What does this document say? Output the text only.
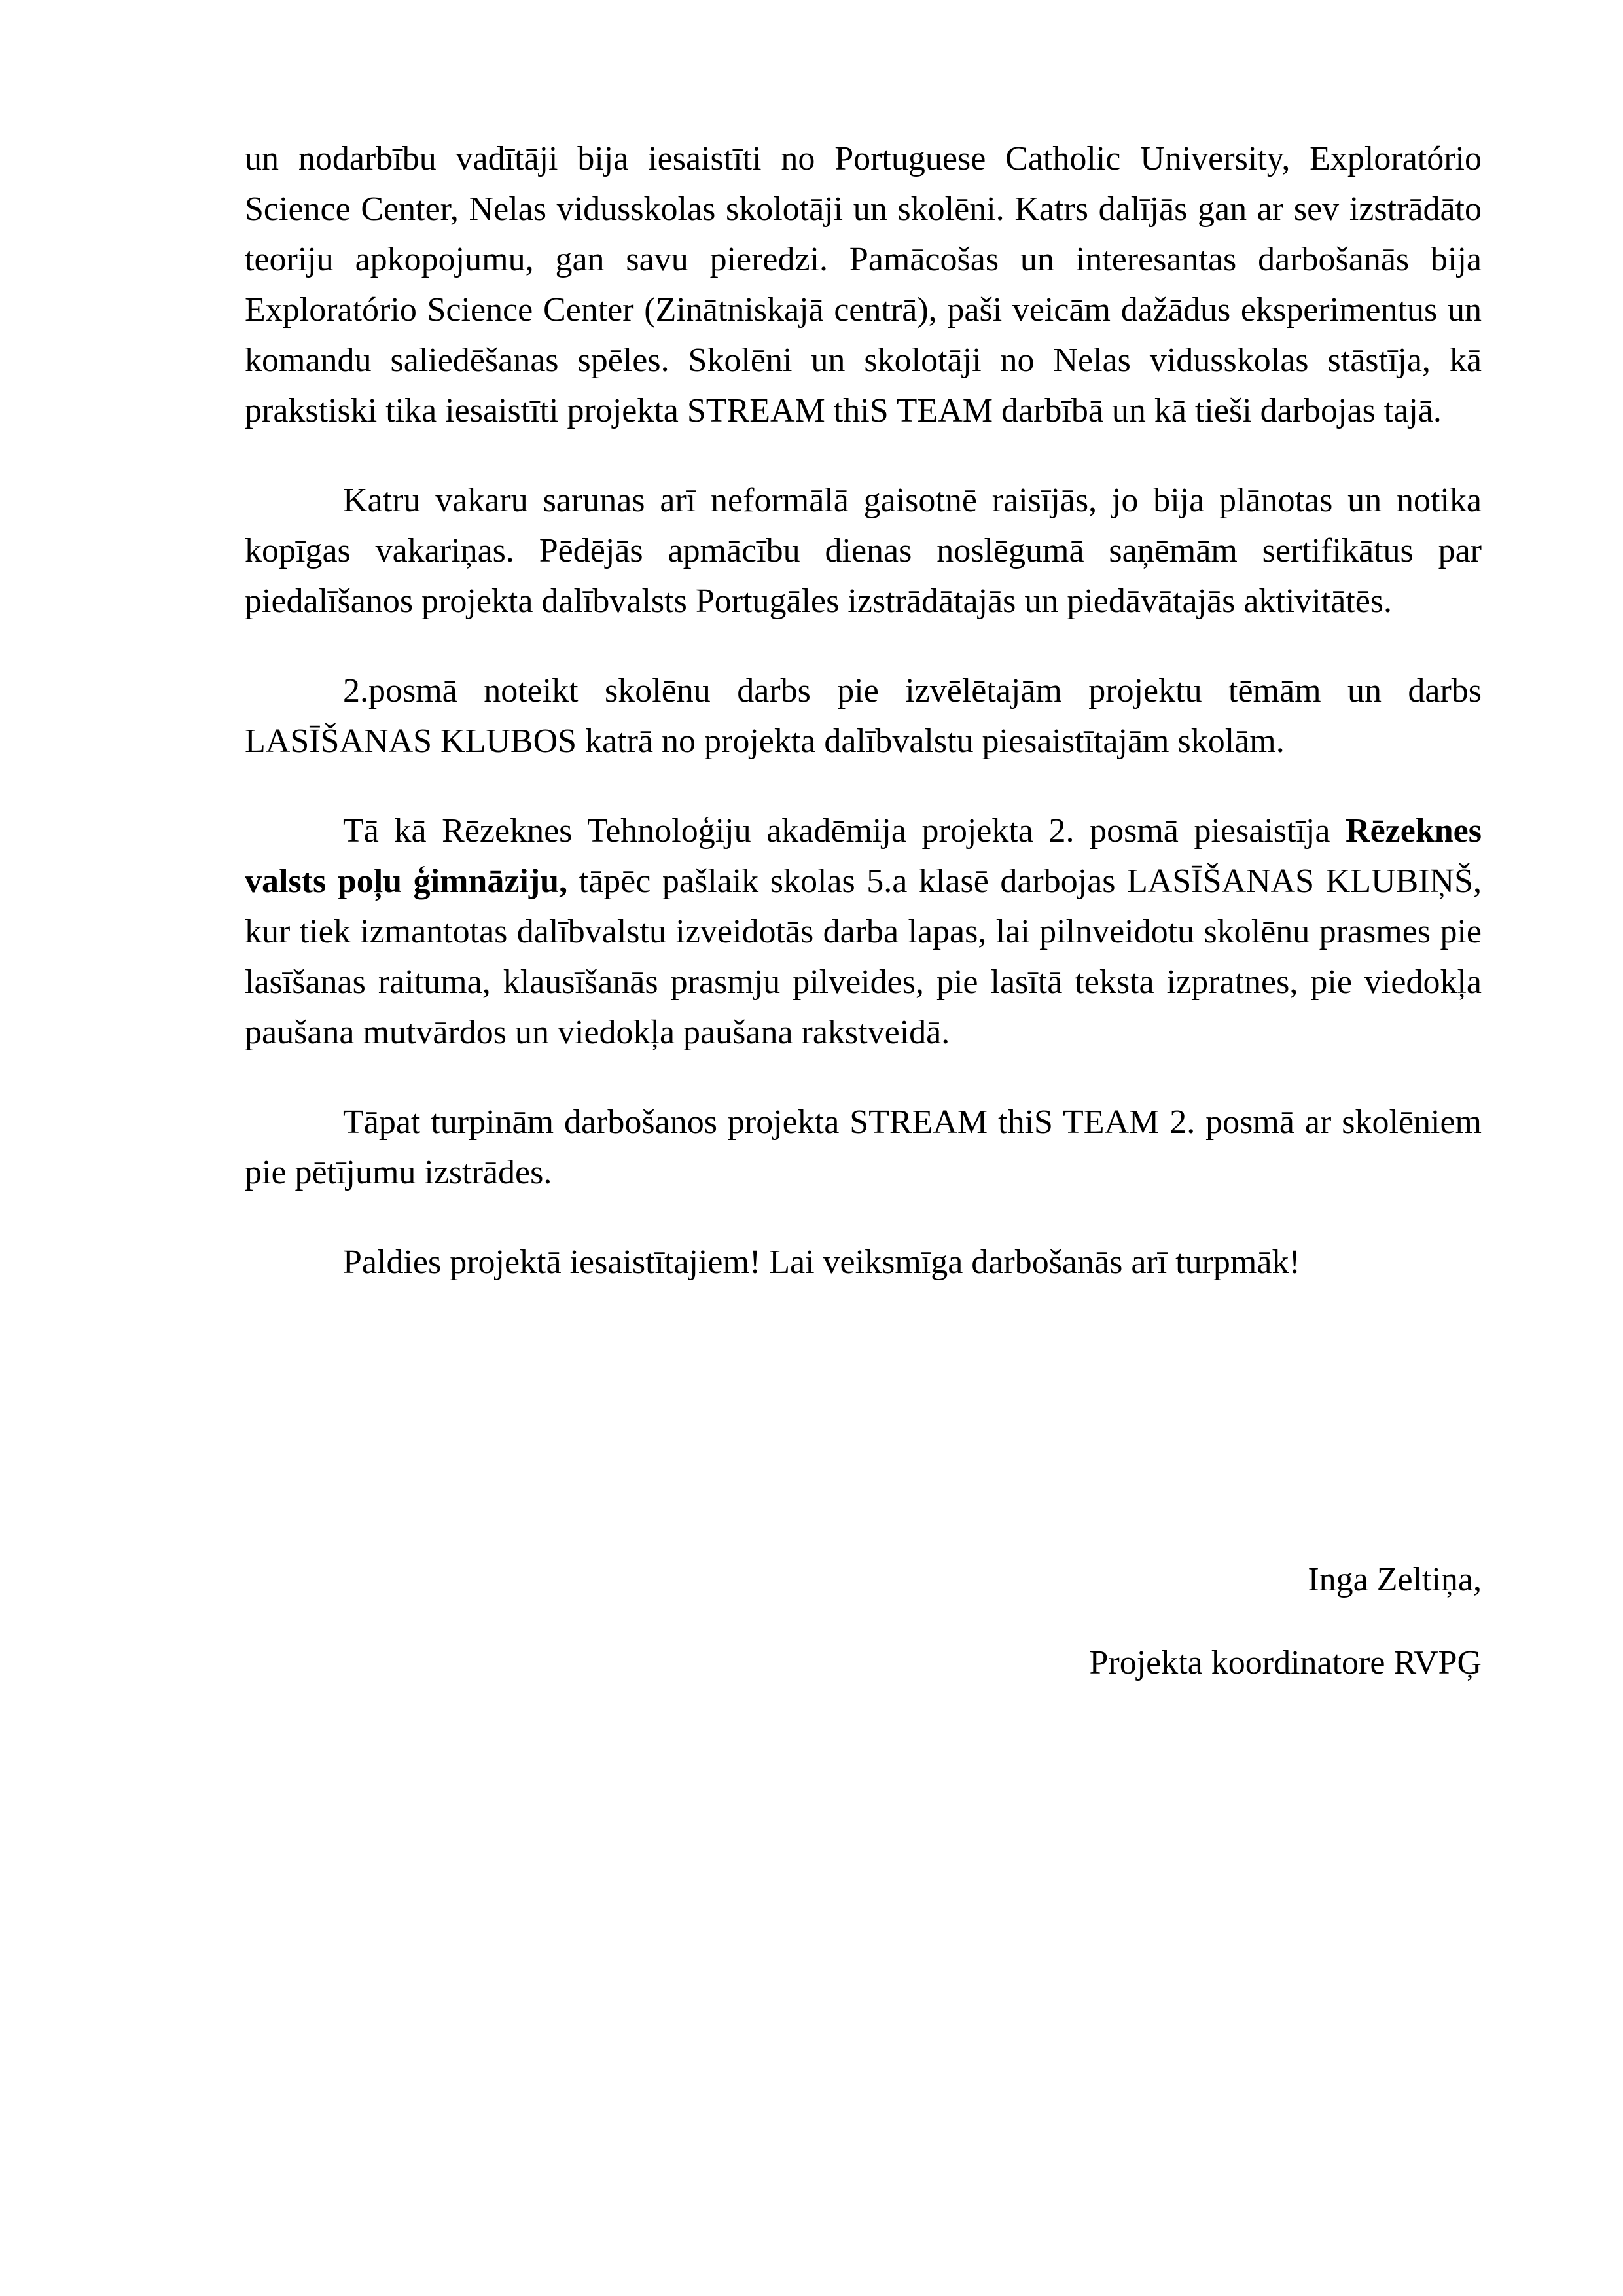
un nodarbību vadītāji bija iesaistīti no Portuguese Catholic University, Exploratório Science Center, Nelas vidusskolas skolotāji un skolēni. Katrs dalījās gan ar sev izstrādāto teoriju apkopojumu, gan savu pieredzi. Pamācošas un interesantas darbošanās bija Exploratório Science Center (Zinātniskajā centrā), paši veicām dažādus eksperimentus un komandu saliedēšanas spēles. Skolēni un skolotāji no Nelas vidusskolas stāstīja, kā prakstiski tika iesaistīti projekta STREAM thiS TEAM darbībā un kā tieši darbojas tajā.

Katru vakaru sarunas arī neformālā gaisotnē raisījās, jo bija plānotas un notika kopīgas vakariņas. Pēdējās apmācību dienas noslēgumā saņēmām sertifikātus par piedalīšanos projekta dalībvalsts Portugāles izstrādātajās un piedāvātajās aktivitātēs.

2.posmā noteikt skolēnu darbs pie izvēlētajām projektu tēmām un darbs LASĪŠANAS KLUBOS katrā no projekta dalībvalstu piesaistītajām skolām.

Tā kā Rēzeknes Tehnoloģiju akadēmija projekta 2. posmā piesaistīja Rēzeknes valsts poļu ģimnāziju, tāpēc pašlaik skolas 5.a klasē darbojas LASĪŠANAS KLUBIŅŠ, kur tiek izmantotas dalībvalstu izveidotās darba lapas, lai pilnveidotu skolēnu prasmes pie lasīšanas raituma, klausīšanās prasmju pilveides, pie lasītā teksta izpratnes, pie viedokļa paušana mutvārdos un viedokļa paušana rakstveidā.

Tāpat turpinām darbošanos projekta STREAM thiS TEAM 2. posmā ar skolēniem pie pētījumu izstrādes.

Paldies projektā iesaistītajiem! Lai veiksmīga darbošanās arī turpmāk!

Inga Zeltiņa,

Projekta koordinatore RVPĢ
